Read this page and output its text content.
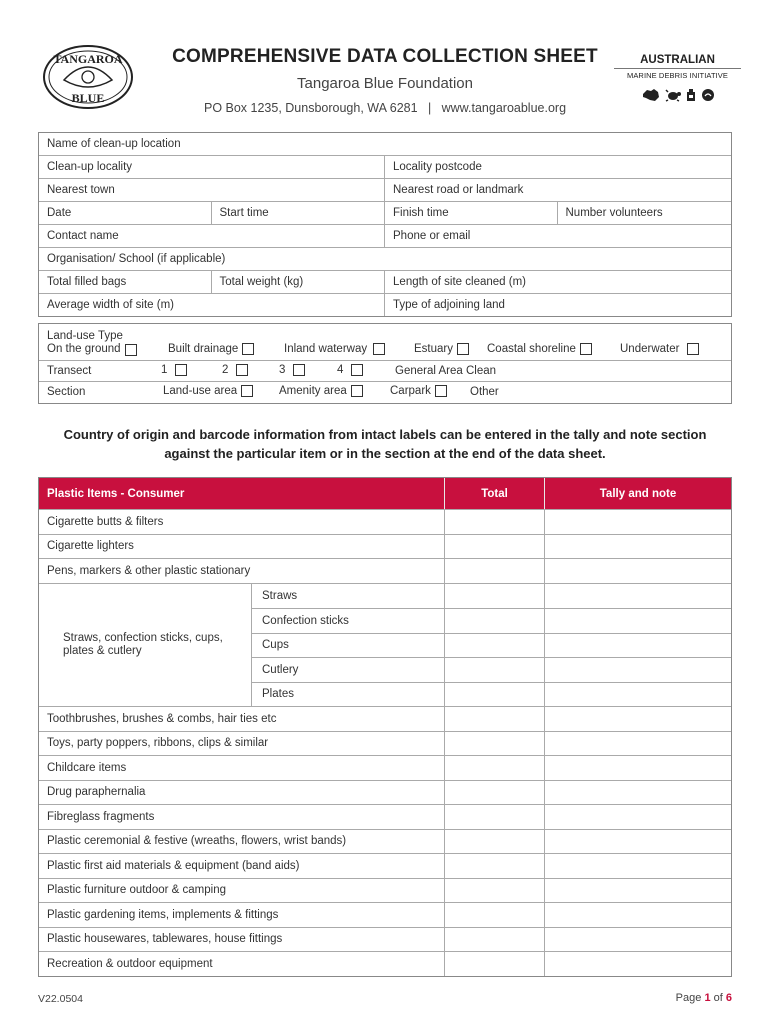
TANGAROA
BLUE
COMPREHENSIVE DATA COLLECTION SHEET
Tangaroa Blue Foundation
PO Box 1235, Dunsborough, WA 6281   |   www.tangaroablue.org
AUSTRALIAN
MARINE DEBRIS INITIATIVE
Name of clean-up location
Clean-up locality	Locality postcode
Nearest town	Nearest road or landmark
Date	Start time	Finish time	Number volunteers
Contact name	Phone or email
Organisation/ School (if applicable)
Total filled bags	Total weight (kg)	Length of site cleaned (m)
Average width of site (m)	Type of adjoining land
Land-use Type
On the ground	Built drainage	Inland waterway	Estuary	Coastal shoreline	Underwater
Transect	1	2	3	4	General Area Clean
Section	Land-use area	Amenity area	Carpark	Other
Country of origin and barcode information from intact labels can be entered in the tally and note section against the particular item or in the section at the end of the data sheet.
Plastic Items - Consumer	Total	Tally and note
Cigarette butts & filters
Cigarette lighters
Pens, markers & other plastic stationary
Straws, confection sticks, cups, plates & cutlery
Straws
Confection sticks
Cups
Cutlery
Plates
Toothbrushes, brushes & combs, hair ties etc
Toys, party poppers, ribbons, clips & similar
Childcare items
Drug paraphernalia
Fibreglass fragments
Plastic ceremonial & festive (wreaths, flowers, wrist bands)
Plastic first aid materials & equipment (band aids)
Plastic furniture outdoor & camping
Plastic gardening items, implements & fittings
Plastic housewares, tablewares, house fittings
Recreation & outdoor equipment
V22.0504	Page 1 of 6
